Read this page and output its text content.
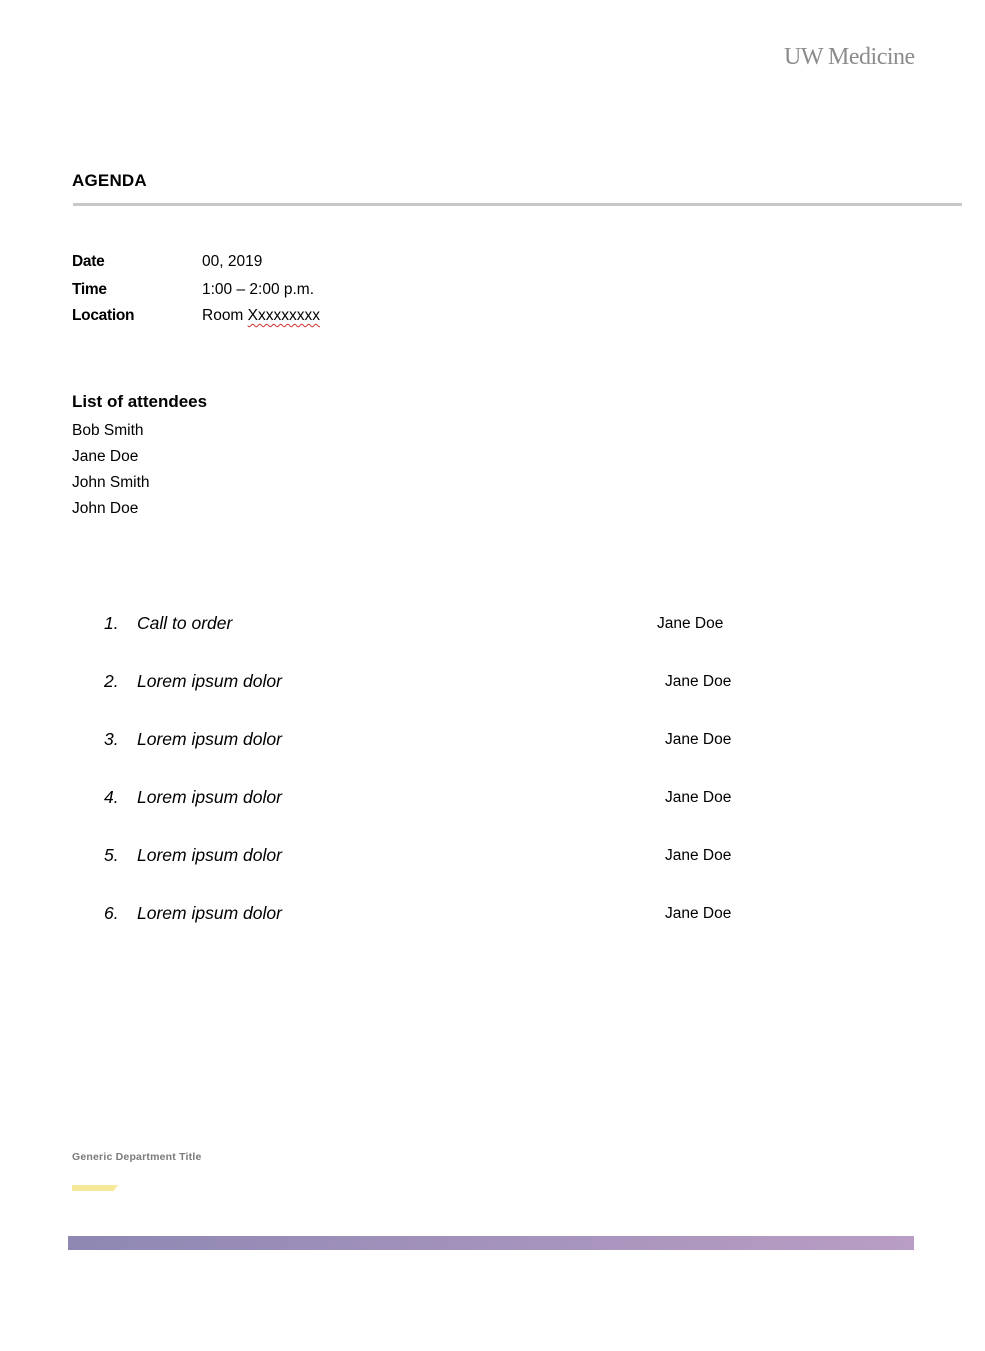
UW Medicine
AGENDA
Date	00, 2019
Time	1:00 – 2:00 p.m.
Location	Room Xxxxxxxxx
List of attendees
Bob Smith
Jane Doe
John Smith
John Doe
1. Call to order	Jane Doe
2. Lorem ipsum dolor	Jane Doe
3. Lorem ipsum dolor	Jane Doe
4. Lorem ipsum dolor	Jane Doe
5. Lorem ipsum dolor	Jane Doe
6. Lorem ipsum dolor	Jane Doe
Generic Department Title
